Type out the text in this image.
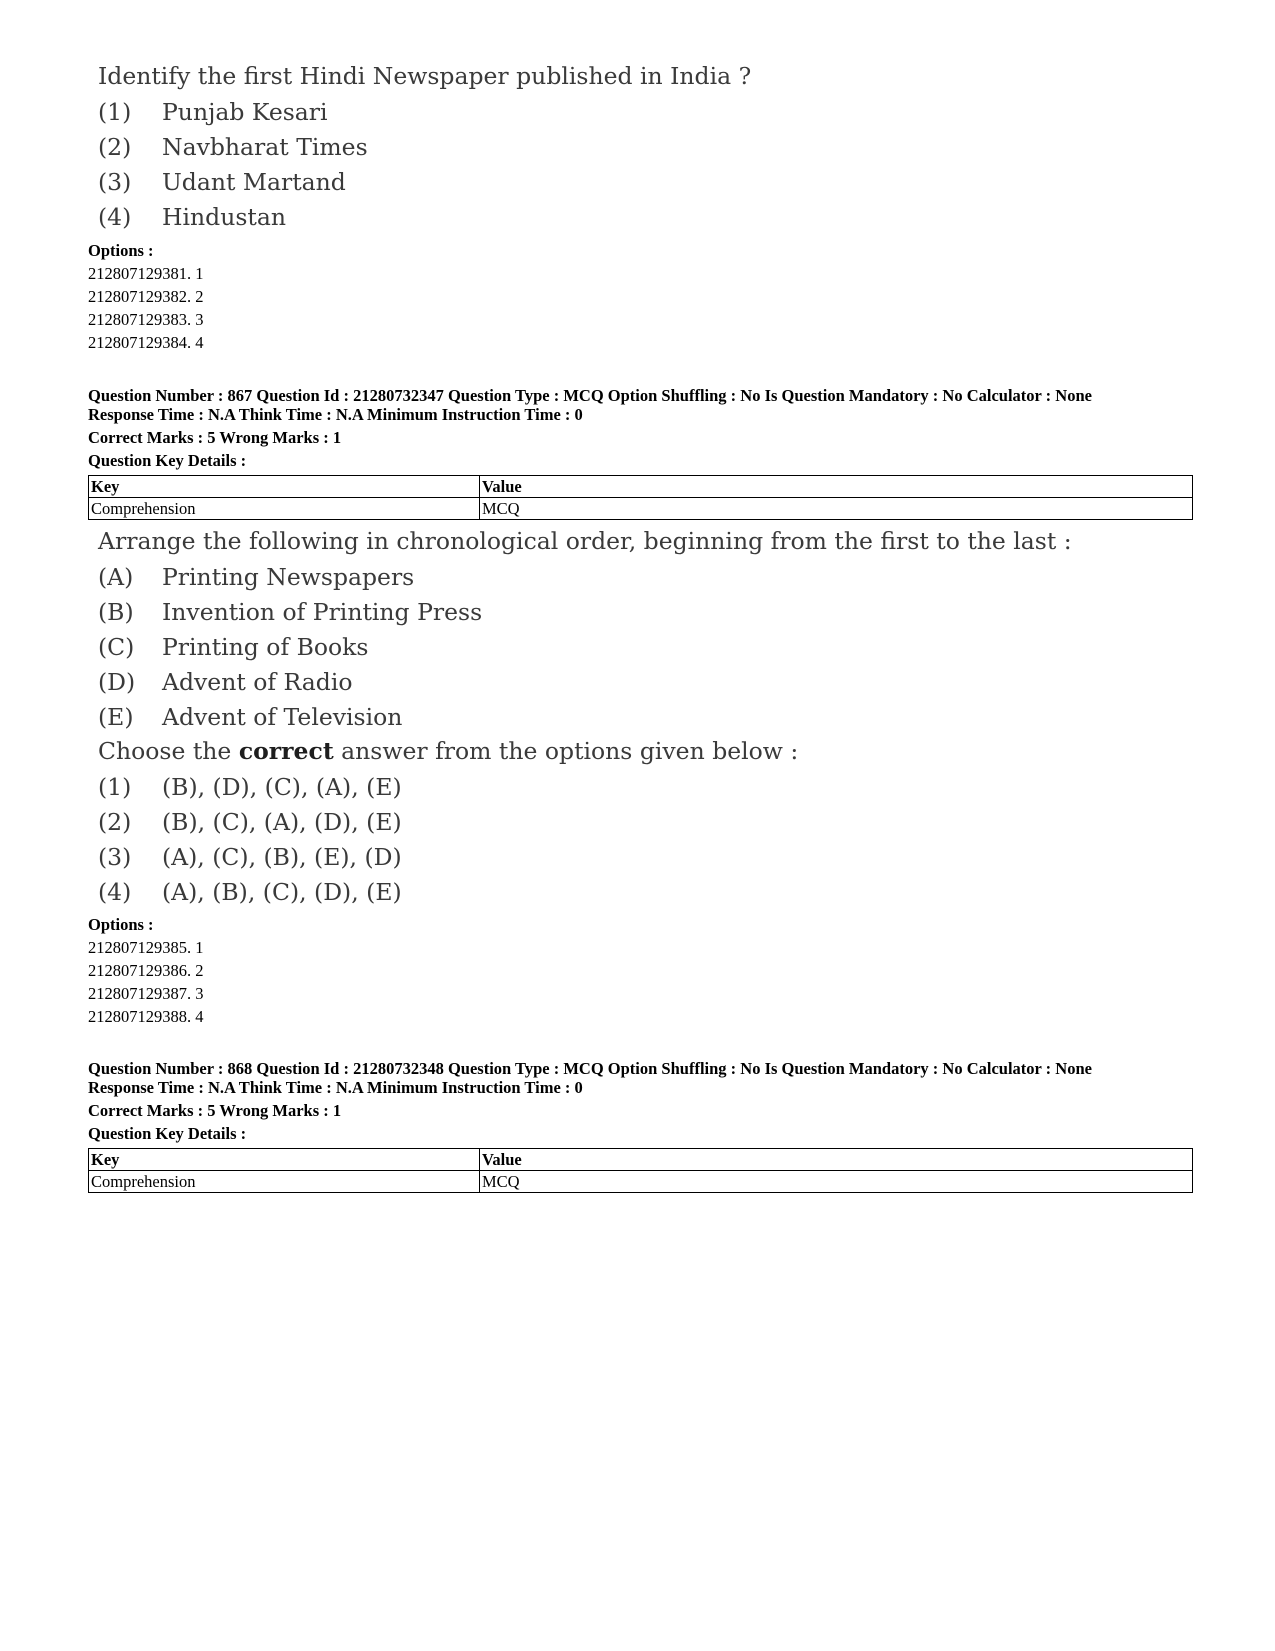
Identify the first Hindi Newspaper published in India ?
(1) Punjab Kesari
(2) Navbharat Times
(3) Udant Martand
(4) Hindustan
Options :
212807129381. 1
212807129382. 2
212807129383. 3
212807129384. 4
Question Number : 867 Question Id : 21280732347 Question Type : MCQ Option Shuffling : No Is Question Mandatory : No Calculator : None
Response Time : N.A Think Time : N.A Minimum Instruction Time : 0
Correct Marks : 5 Wrong Marks : 1
Question Key Details :
Key	Value
Comprehension	MCQ
Arrange the following in chronological order, beginning from the first to the last :
(A) Printing Newspapers
(B) Invention of Printing Press
(C) Printing of Books
(D) Advent of Radio
(E) Advent of Television
Choose the correct answer from the options given below :
(1) (B), (D), (C), (A), (E)
(2) (B), (C), (A), (D), (E)
(3) (A), (C), (B), (E), (D)
(4) (A), (B), (C), (D), (E)
Options :
212807129385. 1
212807129386. 2
212807129387. 3
212807129388. 4
Question Number : 868 Question Id : 21280732348 Question Type : MCQ Option Shuffling : No Is Question Mandatory : No Calculator : None
Response Time : N.A Think Time : N.A Minimum Instruction Time : 0
Correct Marks : 5 Wrong Marks : 1
Question Key Details :
Key	Value
Comprehension	MCQ
